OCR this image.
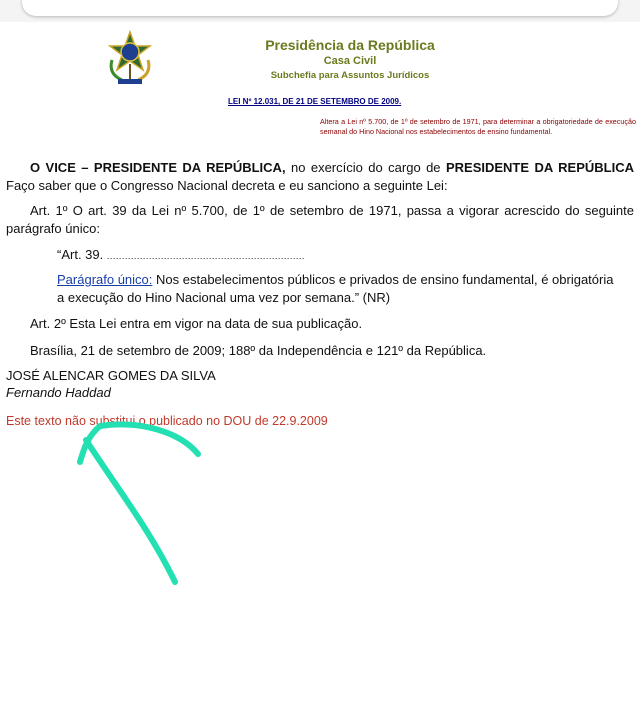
Presidência da República
Casa Civil
Subchefia para Assuntos Jurídicos
LEI Nº 12.031, DE 21 DE SETEMBRO DE 2009.
Altera a Lei nº 5.700, de 1º de setembro de 1971, para determinar a obrigatoriedade de execução semanal do Hino Nacional nos estabelecimentos de ensino fundamental.
O VICE – PRESIDENTE DA REPÚBLICA, no exercício do cargo de PRESIDENTE DA REPÚBLICA Faço saber que o Congresso Nacional decreta e eu sanciono a seguinte Lei:
Art. 1º O art. 39 da Lei nº 5.700, de 1º de setembro de 1971, passa a vigorar acrescido do seguinte parágrafo único:
“Art. 39. ..................................................................
Parágrafo único: Nos estabelecimentos públicos e privados de ensino fundamental, é obrigatória a execução do Hino Nacional uma vez por semana.” (NR)
Art. 2º Esta Lei entra em vigor na data de sua publicação.
Brasília, 21 de setembro de 2009; 188º da Independência e 121º da República.
JOSÉ ALENCAR GOMES DA SILVA
Fernando Haddad
Este texto não substitui o publicado no DOU de 22.9.2009
